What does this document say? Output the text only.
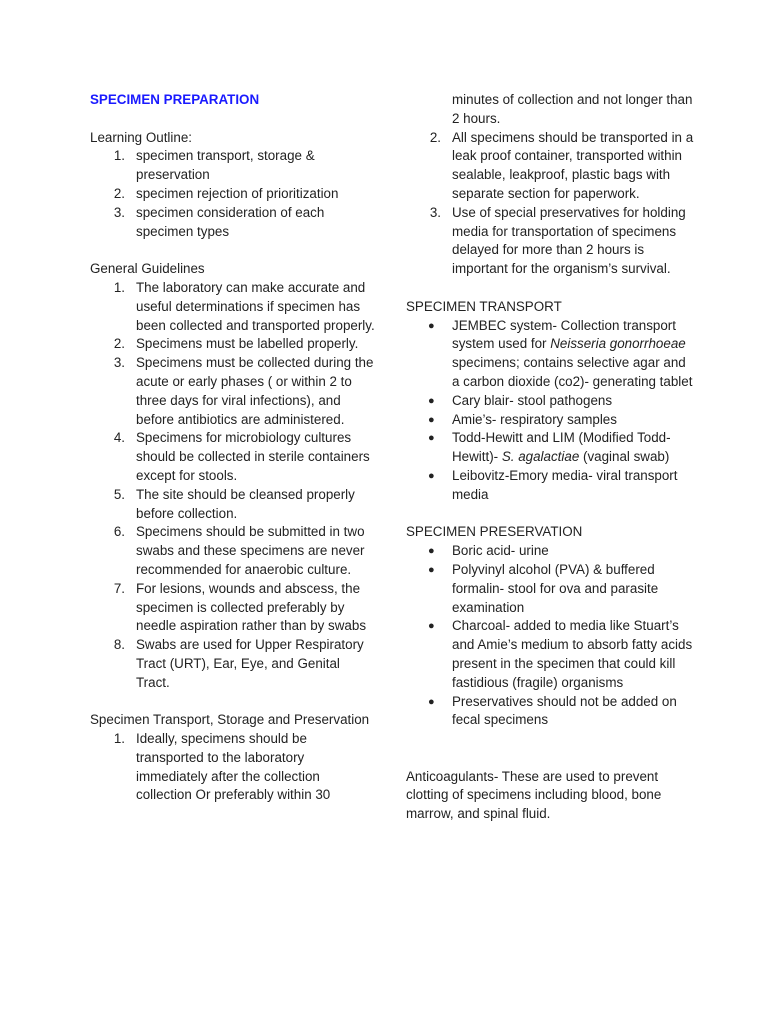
SPECIMEN PREPARATION

Learning Outline:

1. specimen transport, storage & preservation
2. specimen rejection of prioritization
3. specimen consideration of each specimen types

General Guidelines

1. The laboratory can make accurate and useful determinations if specimen has been collected and transported properly.
2. Specimens must be labelled properly.
3. Specimens must be collected during the acute or early phases ( or within 2 to three days for viral infections), and before antibiotics are administered.
4. Specimens for microbiology cultures should be collected in sterile containers except for stools.
5. The site should be cleansed properly before collection.
6. Specimens should be submitted in two swabs and these specimens are never recommended for anaerobic culture.
7. For lesions, wounds and abscess, the specimen is collected preferably by needle aspiration rather than by swabs
8. Swabs are used for Upper Respiratory Tract (URT), Ear, Eye, and Genital Tract.

Specimen Transport, Storage and Preservation

1. Ideally, specimens should be transported to the laboratory immediately after the collection collection Or preferably within 30

minutes of collection and not longer than 2 hours.

2. All specimens should be transported in a leak proof container, transported within sealable, leakproof, plastic bags with separate section for paperwork.
3. Use of special preservatives for holding media for transportation of specimens delayed for more than 2 hours is important for the organism’s survival.

SPECIMEN TRANSPORT

● JEMBEC system- Collection transport system used for Neisseria gonorrhoeae specimens; contains selective agar and a carbon dioxide (co2)- generating tablet
● Cary blair- stool pathogens
● Amie’s- respiratory samples
● Todd-Hewitt and LIM (Modified Todd-Hewitt)- S. agalactiae (vaginal swab)
● Leibovitz-Emory media- viral transport media

SPECIMEN PRESERVATION

● Boric acid- urine
● Polyvinyl alcohol (PVA) & buffered formalin- stool for ova and parasite examination
● Charcoal- added to media like Stuart’s and Amie’s medium to absorb fatty acids present in the specimen that could kill fastidious (fragile) organisms
● Preservatives should not be added on fecal specimens

Anticoagulants- These are used to prevent clotting of specimens including blood, bone marrow, and spinal fluid.
